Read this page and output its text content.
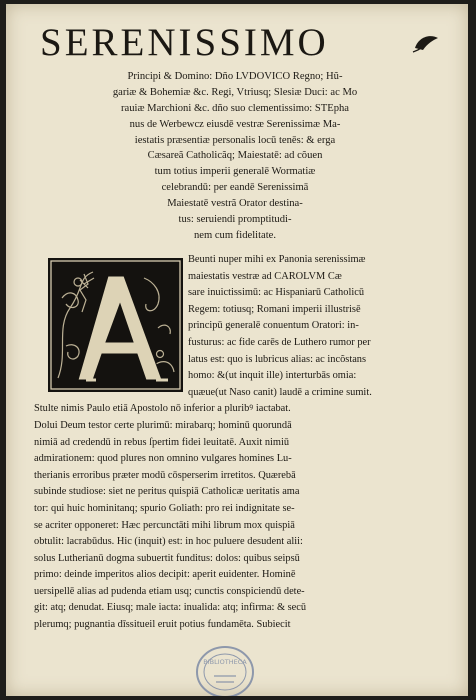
SERENISSIMO
Principi & Domino: Dño LVDOVICO Regno; Hũ-
gariæ & Bohemiæ &c. Regi, Vtriusq; Slesiæ Duci: ac Mo
rauiæ Marchioni &c. dño suo clementissimo: STEpha
nus de Werbewcz eiusdē vestræ Serenissimæ Ma-
iestatis præsentiæ personalis locū tenēs: & erga
Cæsareã Catholicãq; Maiestatē: ad cõuen
tum totius imperii generalē Wormatiæ
celebrandū: per eandē Serenissimā
Maiestatē vestrã Orator destina-
tus: seruiendi promptitudi-
nem cum fidelitate.
Beunti nuper mihi ex Panonia serenissimæ
maiestatis vestræ ad CAROLVM Cæ
sare inuictissimū: ac Hispaniarū Catholicū
Regem: totiusq; Romani imperii illustrisē
principū generalē conuentum Oratori: in-
fusturus: ac fide carēs de Luthero rumor per
latus est: quo is lubricus alias: ac incõstans
homo: &(ut inquit ille) interturbās omia:
quæue(ut Naso canit) laudē a crimine sumit.
Stulte nimis Paulo etiā Apostolo nō inferior a pluribꝰ iactabat.
Dolui Deum testor certe plurimū: mirabarq; hominū quorundā
nimiā ad credendū in rebus ſpertim fidei leuitatē. Auxit nimiū
admirationem: quod plures non omnino vulgares homines Lu-
therianis erroribus præter modū cōsperserim irretitos. Quærebā
subinde studiose: siet ne peritus quispiā Catholicæ ueritatis ama
tor: qui huic hominitanq; spurio Goliath: pro rei indignitate se-
se acriter opponeret: Hæc percunctāti mihi librum mox quispiā
obtulit: lacrabūdus. Hic (inquit) est: in hoc puluere desudent alii:
solus Lutherianū dogma subuertit funditus: dolos: quibus seipsū
primo: deinde imperitos alios decipit: aperit euidenter. Hominē
uersipellē alias ad pudenda etiam usq; cunctis conspiciendū dete-
git: atq; denudat. Eiusq; male iacta: inualida: atq; infirma: & secū
plerumq; pugnantia dīssitueil eruit potius fundamēta. Subiecit
BIBLIOTHECA
